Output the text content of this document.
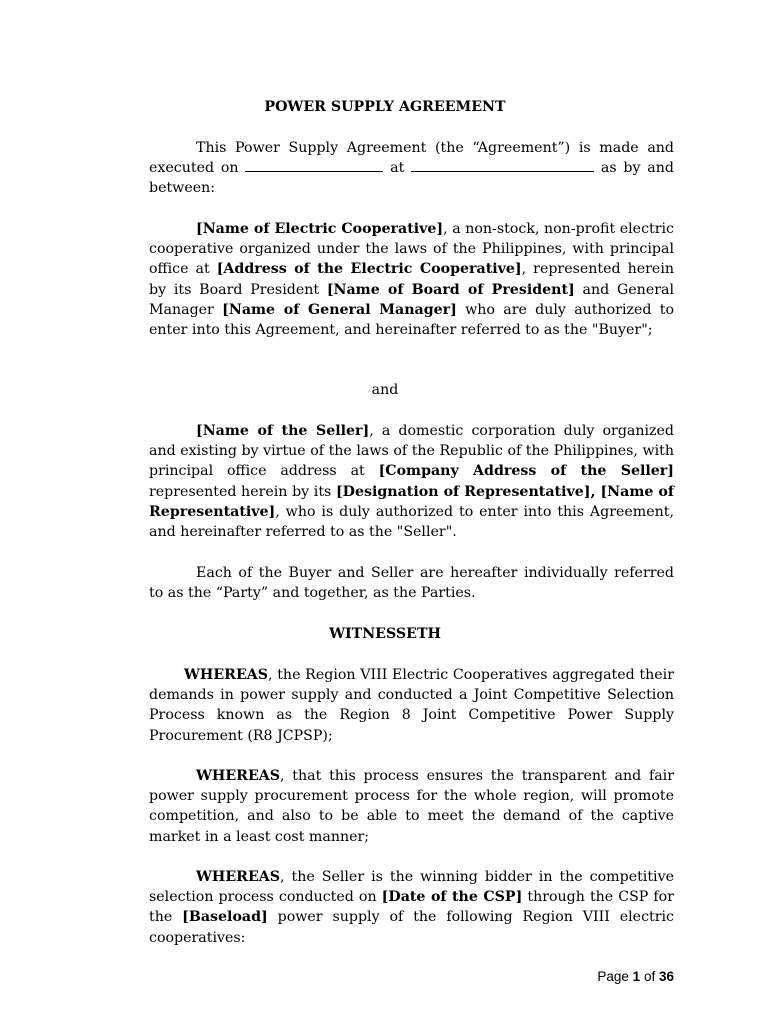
POWER SUPPLY AGREEMENT

This Power Supply Agreement (the “Agreement”) is made and executed on	at	as by and between:

[Name of Electric Cooperative], a non-stock, non-profit electric cooperative organized under the laws of the Philippines, with principal office at [Address of the Electric Cooperative], represented herein by its Board President [Name of Board of President] and General Manager [Name of General Manager] who are duly authorized to enter into this Agreement, and hereinafter referred to as the "Buyer";

and

[Name of the Seller], a domestic corporation duly organized and existing by virtue of the laws of the Republic of the Philippines, with principal office address at [Company Address of the Seller] represented herein by its [Designation of Representative], [Name of Representative], who is duly authorized to enter into this Agreement, and hereinafter referred to as the "Seller".

Each of the Buyer and Seller are hereafter individually referred to as the “Party” and together, as the Parties.

WITNESSETH

WHEREAS, the Region VIII Electric Cooperatives aggregated their demands in power supply and conducted a Joint Competitive Selection Process known as the Region 8 Joint Competitive Power Supply Procurement (R8 JCPSP);

WHEREAS, that this process ensures the transparent and fair power supply procurement process for the whole region, will promote competition, and also to be able to meet the demand of the captive market in a least cost manner;

WHEREAS, the Seller is the winning bidder in the competitive selection process conducted on [Date of the CSP] through the CSP for the [Baseload] power supply of the following Region VIII electric cooperatives:

Page 1 of 36
